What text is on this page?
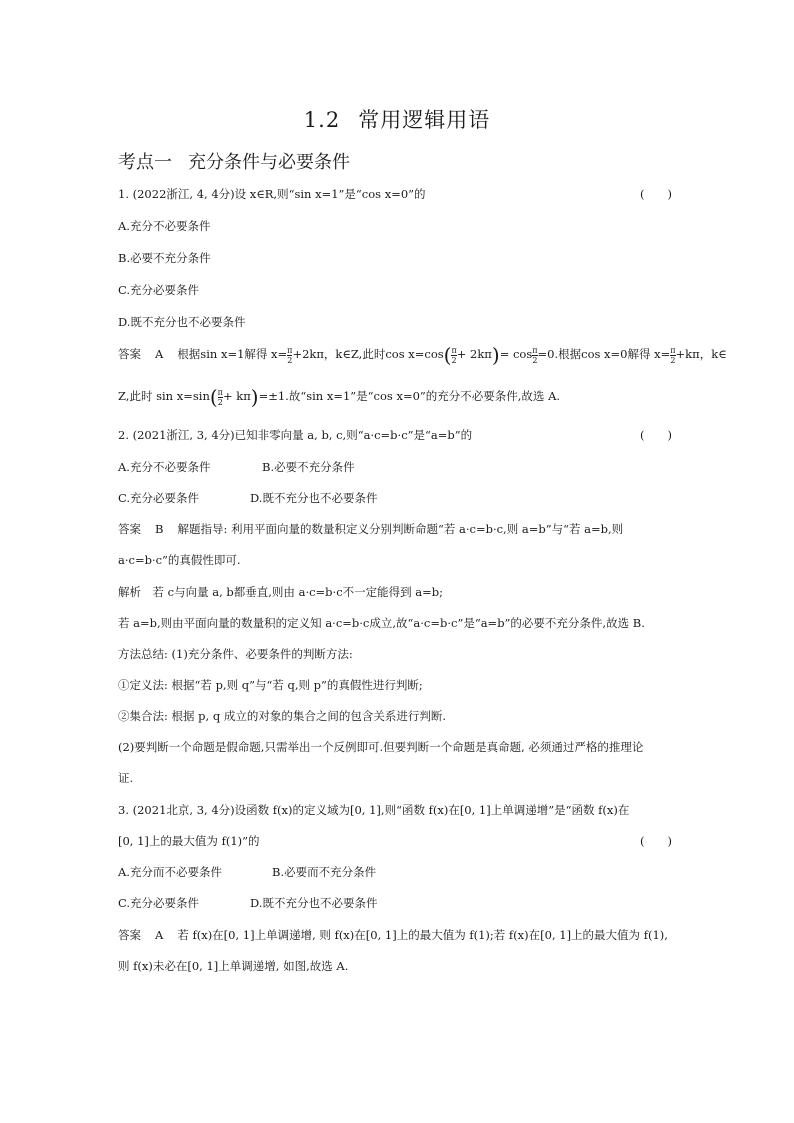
1.2 常用逻辑用语
考点一 充分条件与必要条件
1. (2022浙江, 4, 4分)设 x∈R,则“sin x=1”是“cos x=0”的	(　　)
A.充分不必要条件
B.必要不充分条件
C.充分必要条件
D.既不充分也不必要条件
答案 A 根据sin x=1解得 $x= \frac{\pi}{2} +2k\pi$，k∈Z,此时$\cos x=\cos( \frac{\pi}{2} + 2k\pi)= \cos \frac{\pi}{2} =0$.根据cos x=0解得 $x= \frac{\pi}{2} +k\pi$，k∈
Z,此时 $\sin x=\sin( \frac{\pi}{2} + k\pi)=\pm 1$.故“sin x=1”是“cos x=0”的充分不必要条件,故选 A.
2. (2021浙江, 3, 4分)已知非零向量 a, b, c,则“a·c=b·c”是“a=b”的	(　　)
A.充分不必要条件	B.必要不充分条件
C.充分必要条件	D.既不充分也不必要条件
答案 B 解题指导: 利用平面向量的数量积定义分别判断命题“若 a·c=b·c,则 a=b”与“若 a=b,则
a·c=b·c”的真假性即可.
解析　若 c与向量 a, b都垂直,则由 a·c=b·c不一定能得到 a=b;
若 a=b,则由平面向量的数量积的定义知 a·c=b·c成立,故“a·c=b·c”是“a=b”的必要不充分条件,故选 B.
方法总结: (1)充分条件、必要条件的判断方法:
①定义法: 根据“若 p,则 q”与“若 q,则 p”的真假性进行判断;
②集合法: 根据 p, q 成立的对象的集合之间的包含关系进行判断.
(2)要判断一个命题是假命题,只需举出一个反例即可.但要判断一个命题是真命题, 必须通过严格的推理论
证.
3. (2021北京, 3, 4分)设函数 f(x)的定义域为[0, 1],则“函数 f(x)在[0, 1]上单调递增”是“函数 f(x)在
[0, 1]上的最大值为 f(1)”的	(　　)
A.充分而不必要条件	B.必要而不充分条件
C.充分必要条件	D.既不充分也不必要条件
答案 A 若 f(x)在[0, 1]上单调递增, 则 f(x)在[0, 1]上的最大值为 f(1);若 f(x)在[0, 1]上的最大值为 f(1),
则 f(x)未必在[0, 1]上单调递增, 如图,故选 A.
